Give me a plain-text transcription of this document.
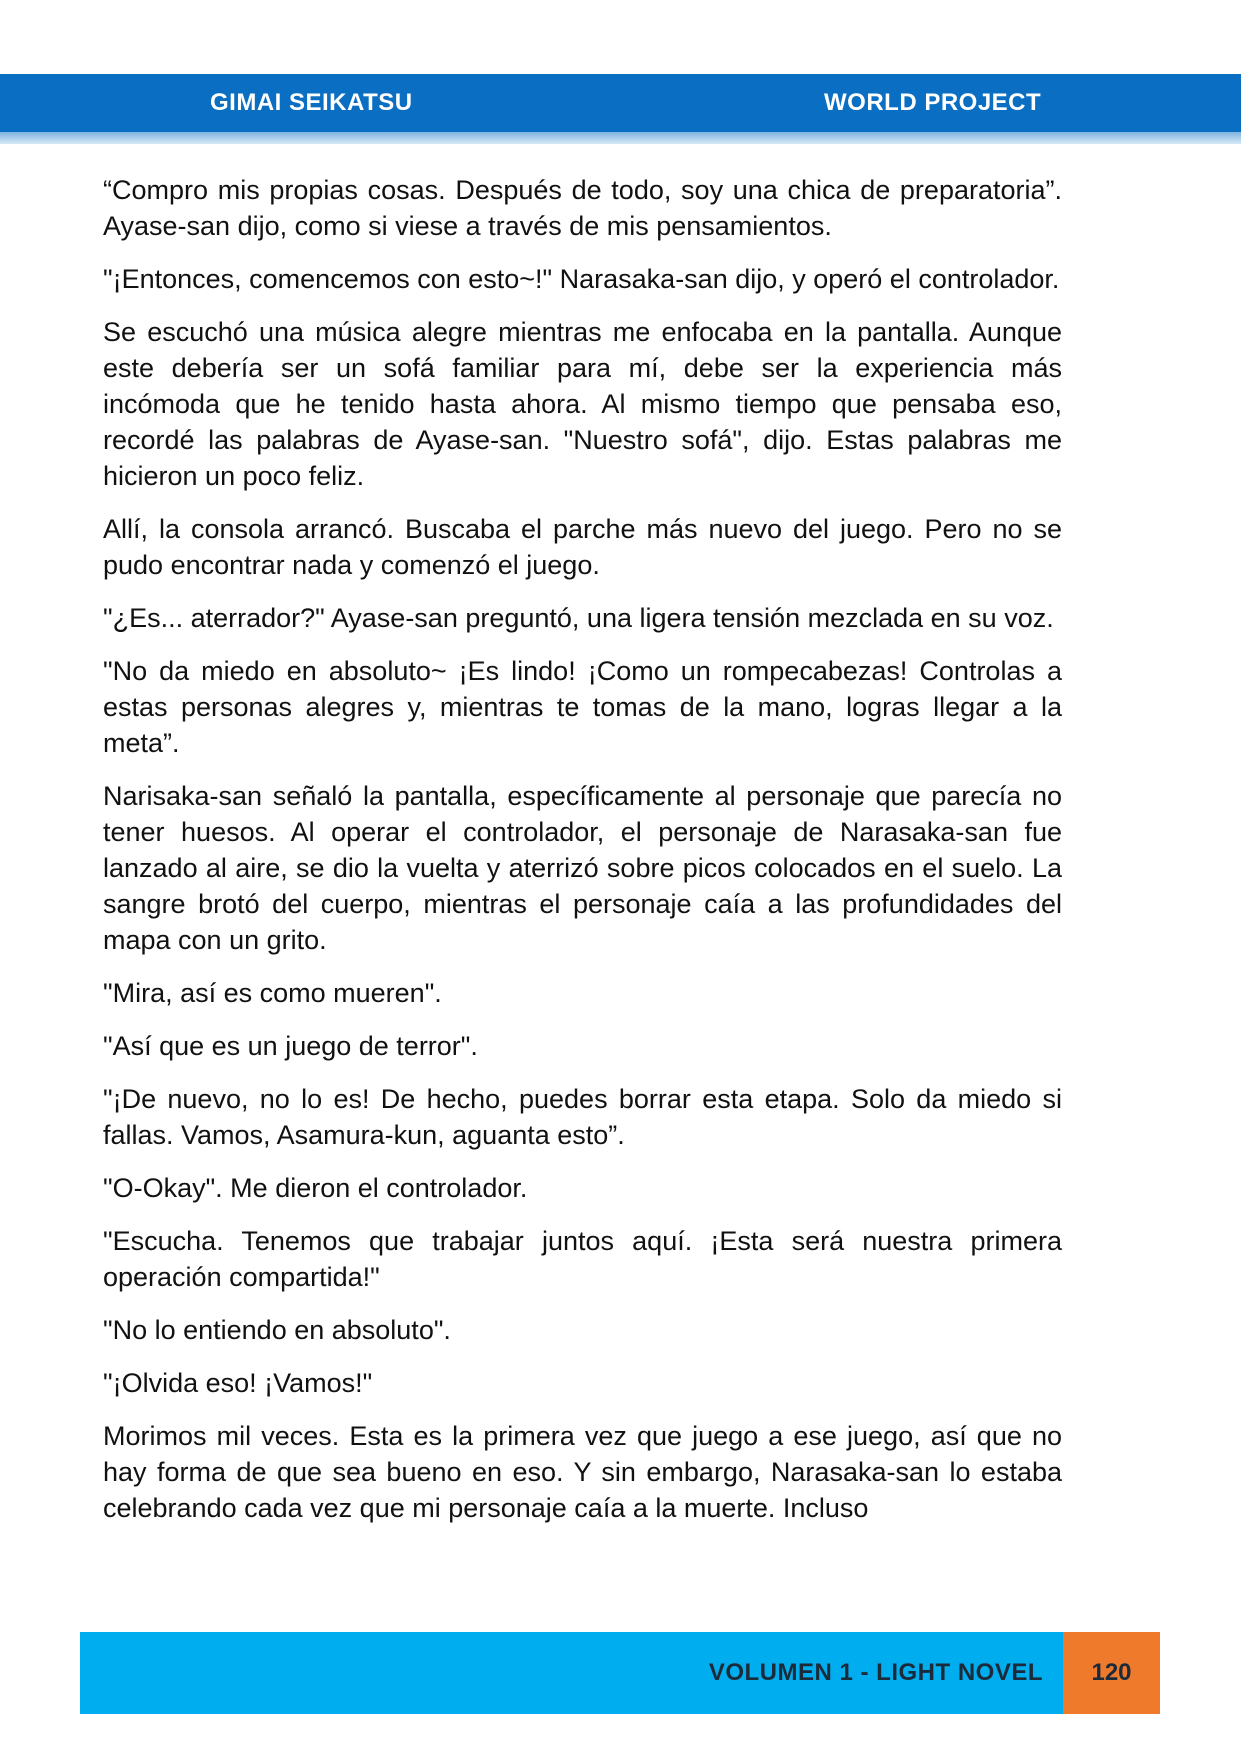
GIMAI SEIKATSU	WORLD PROJECT

“Compro mis propias cosas. Después de todo, soy una chica de preparatoria”. Ayase-san dijo, como si viese a través de mis pensamientos.

"¡Entonces, comencemos con esto~!" Narasaka-san dijo, y operó el controlador.

Se escuchó una música alegre mientras me enfocaba en la pantalla. Aunque este debería ser un sofá familiar para mí, debe ser la experiencia más incómoda que he tenido hasta ahora. Al mismo tiempo que pensaba eso, recordé las palabras de Ayase-san. "Nuestro sofá", dijo. Estas palabras me hicieron un poco feliz.

Allí, la consola arrancó. Buscaba el parche más nuevo del juego. Pero no se pudo encontrar nada y comenzó el juego.

"¿Es... aterrador?" Ayase-san preguntó, una ligera tensión mezclada en su voz.

"No da miedo en absoluto~ ¡Es lindo! ¡Como un rompecabezas! Controlas a estas personas alegres y, mientras te tomas de la mano, logras llegar a la meta”.

Narisaka-san señaló la pantalla, específicamente al personaje que parecía no tener huesos. Al operar el controlador, el personaje de Narasaka-san fue lanzado al aire, se dio la vuelta y aterrizó sobre picos colocados en el suelo. La sangre brotó del cuerpo, mientras el personaje caía a las profundidades del mapa con un grito.

"Mira, así es como mueren".

"Así que es un juego de terror".

"¡De nuevo, no lo es! De hecho, puedes borrar esta etapa. Solo da miedo si fallas. Vamos, Asamura-kun, aguanta esto”.

"O-Okay". Me dieron el controlador.

"Escucha. Tenemos que trabajar juntos aquí. ¡Esta será nuestra primera operación compartida!"

"No lo entiendo en absoluto".

"¡Olvida eso! ¡Vamos!"

Morimos mil veces. Esta es la primera vez que juego a ese juego, así que no hay forma de que sea bueno en eso. Y sin embargo, Narasaka-san lo estaba celebrando cada vez que mi personaje caía a la muerte. Incluso

VOLUMEN 1 - LIGHT NOVEL	120
